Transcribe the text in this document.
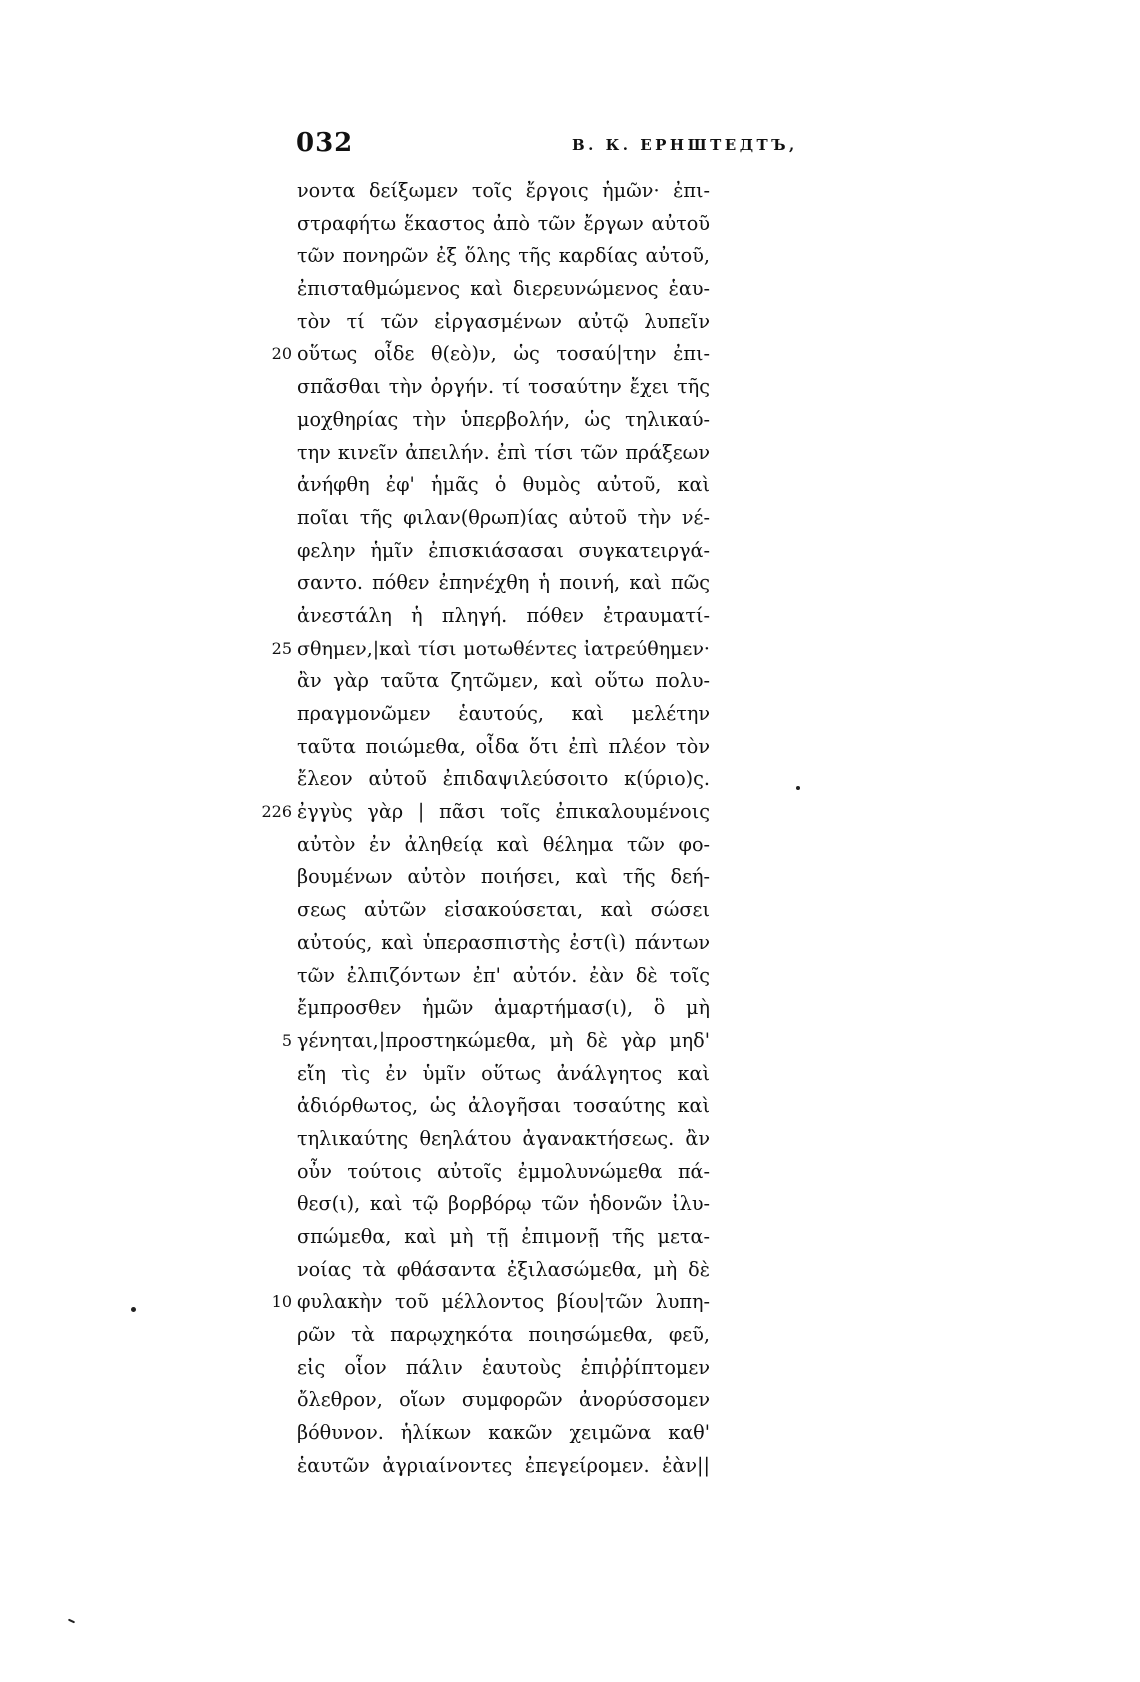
032	В. К. ЕРНШТЕДТЪ,
νοντα δείξωμεν τοῖς ἔργοις ἡμῶν· ἐπι-
στραφήτω ἕκαστος ἀπὸ τῶν ἔργων αὐτοῦ
τῶν πονηρῶν ἐξ ὅλης τῆς καρδίας αὐτοῦ,
ἐπισταθμώμενος καὶ διερευνώμενος ἑαυ-
τὸν τί τῶν εἰργασμένων αὐτῷ λυπεῖν
20 οὕτως οἶδε θ(εὸ)ν, ὡς τοσαύ|την ἐπι-
σπᾶσθαι τὴν ὀργήν. τί τοσαύτην ἔχει τῆς
μοχθηρίας τὴν ὑπερβολήν, ὡς τηλικαύ-
την κινεῖν ἀπειλήν. ἐπὶ τίσι τῶν πράξεων
ἀνήφθη ἐφ' ἡμᾶς ὁ θυμὸς αὐτοῦ, καὶ
ποῖαι τῆς φιλαν(θρωπ)ίας αὐτοῦ τὴν νέ-
φελην ἡμῖν ἐπισκιάσασαι συγκατειργά-
σαντο. πόθεν ἐπηνέχθη ἡ ποινή, καὶ πῶς
ἀνεστάλη ἡ πληγή. πόθεν ἐτραυματί-
25 σθημεν,|καὶ τίσι μοτωθέντες ἰατρεύθημεν·
ἂν γὰρ ταῦτα ζητῶμεν, καὶ οὕτω πολυ-
πραγμονῶμεν ἑαυτούς, καὶ μελέτην
ταῦτα ποιώμεθα, οἶδα ὅτι ἐπὶ πλέον τὸν
ἔλεον αὐτοῦ ἐπιδαψιλεύσοιτο κ(ύριο)ς.
226 ἐγγὺς γὰρ | πᾶσι τοῖς ἐπικαλουμένοις
αὐτὸν ἐν ἀληθείᾳ καὶ θέλημα τῶν φο-
βουμένων αὐτὸν ποιήσει, καὶ τῆς δεή-
σεως αὐτῶν εἰσακούσεται, καὶ σώσει
αὐτούς, καὶ ὑπερασπιστὴς ἐστ(ὶ) πάντων
τῶν ἐλπιζόντων ἐπ' αὐτόν. ἐὰν δὲ τοῖς
ἔμπροσθεν ἡμῶν ἁμαρτήμασ(ι), ὃ μὴ
5 γένηται,|προστηκώμεθα, μὴ δὲ γὰρ μηδ'
εἴη τὶς ἐν ὑμῖν οὕτως ἀνάλγητος καὶ
ἀδιόρθωτος, ὡς ἀλογῆσαι τοσαύτης καὶ
τηλικαύτης θεηλάτου ἀγανακτήσεως. ἂν
οὖν τούτοις αὐτοῖς ἐμμολυνώμεθα πά-
θεσ(ι), καὶ τῷ βορβόρῳ τῶν ἡδονῶν ἰλυ-
σπώμεθα, καὶ μὴ τῇ ἐπιμονῇ τῆς μετα-
νοίας τὰ φθάσαντα ἐξιλασώμεθα, μὴ δὲ
10 φυλακὴν τοῦ μέλλοντος βίου|τῶν λυπη-
ρῶν τὰ παρῳχηκότα ποιησώμεθα, φεῦ,
εἰς οἷον πάλιν ἑαυτοὺς ἐπιῤῥίπτομεν
ὄλεθρον, οἵων συμφορῶν ἀνορύσσομεν
βόθυνον. ἡλίκων κακῶν χειμῶνα καθ'
ἑαυτῶν ἀγριαίνοντες ἐπεγείρομεν. ἐὰν||
